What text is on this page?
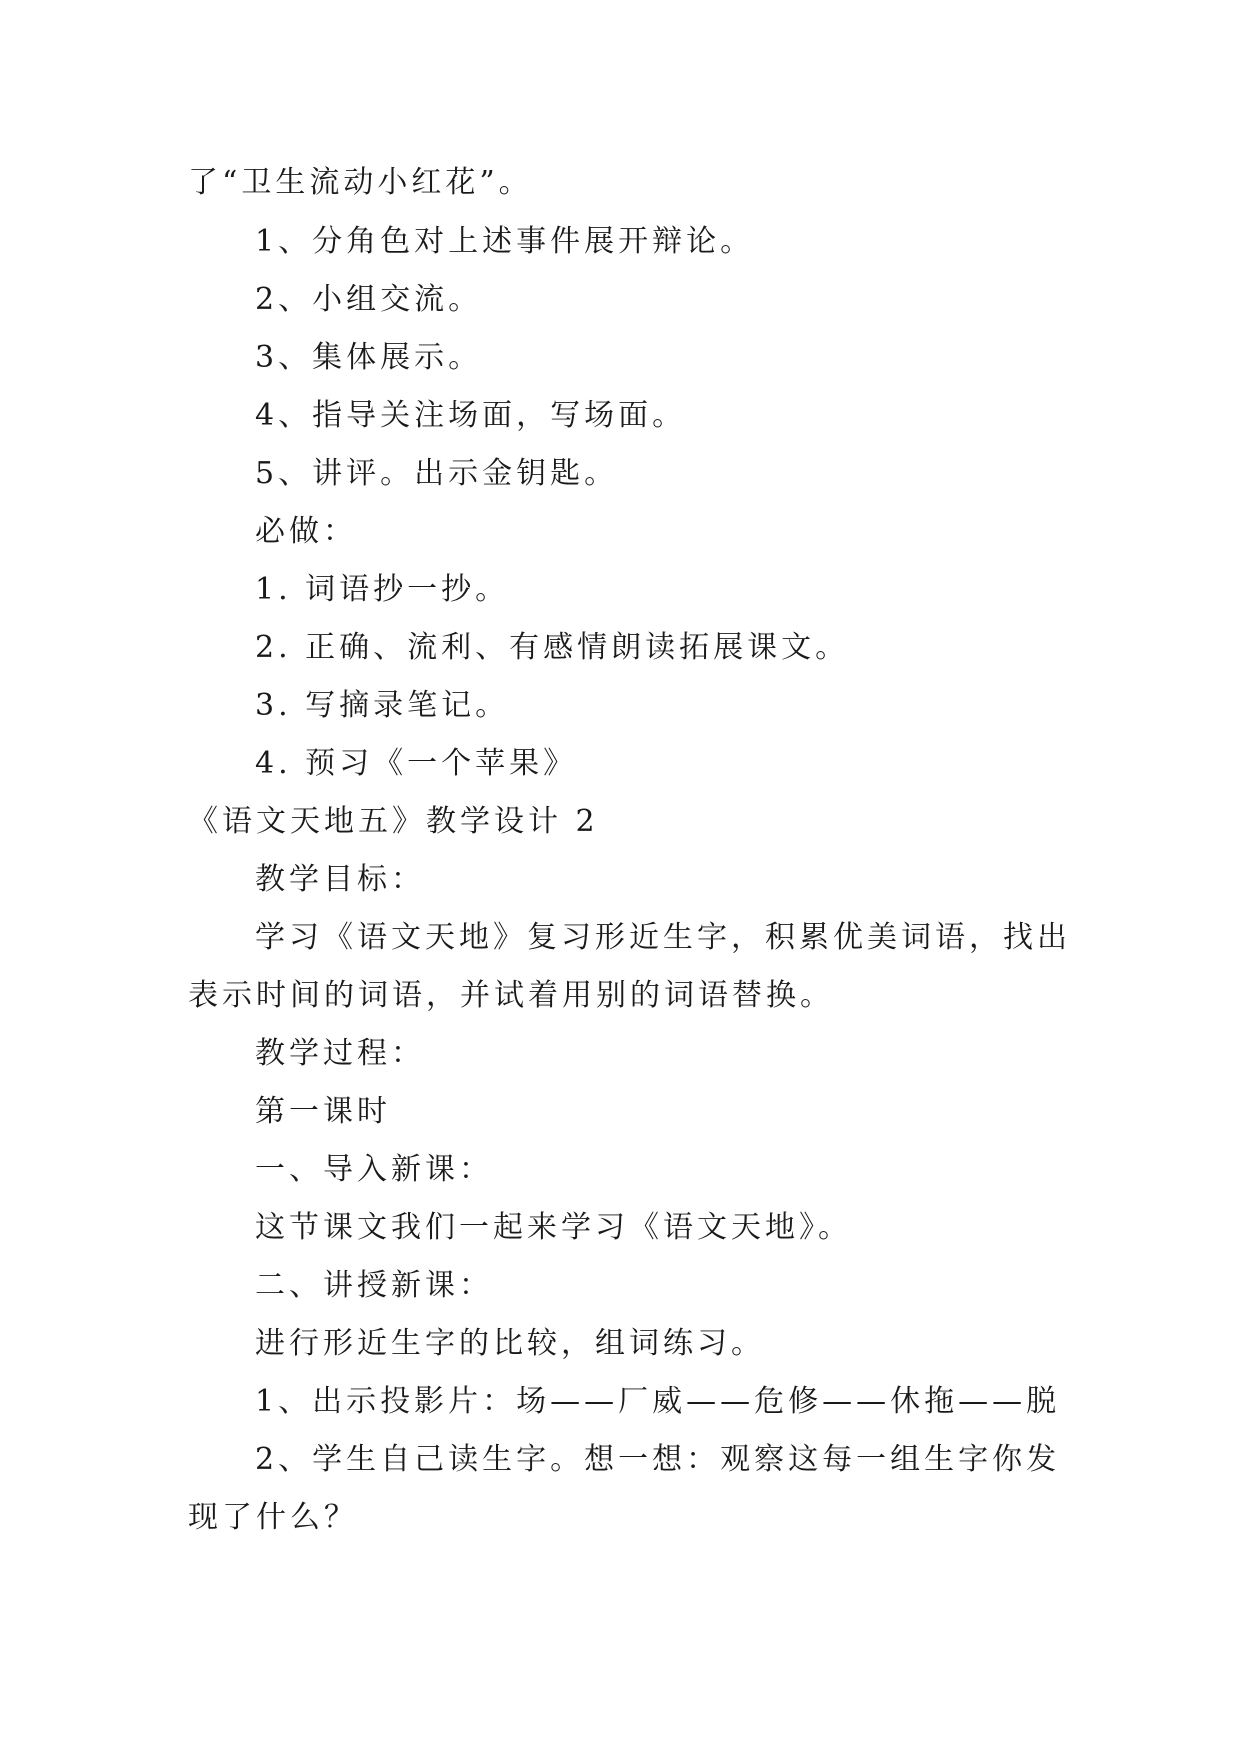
了“卫生流动小红花”。
1、分角色对上述事件展开辩论。
2、小组交流。
3、集体展示。
4、指导关注场面，写场面。
5、讲评。出示金钥匙。
必做：
1. 词语抄一抄。
2. 正确、流利、有感情朗读拓展课文。
3. 写摘录笔记。
4. 预习《一个苹果》
《语文天地五》教学设计 2
教学目标：
学习《语文天地》复习形近生字，积累优美词语，找出
表示时间的词语，并试着用别的词语替换。
教学过程：
第一课时
一、导入新课：
这节课文我们一起来学习《语文天地》。
二、讲授新课：
进行形近生字的比较，组词练习。
1、出示投影片：场——厂威——危修——休拖——脱
2、学生自己读生字。想一想：观察这每一组生字你发
现了什么？
